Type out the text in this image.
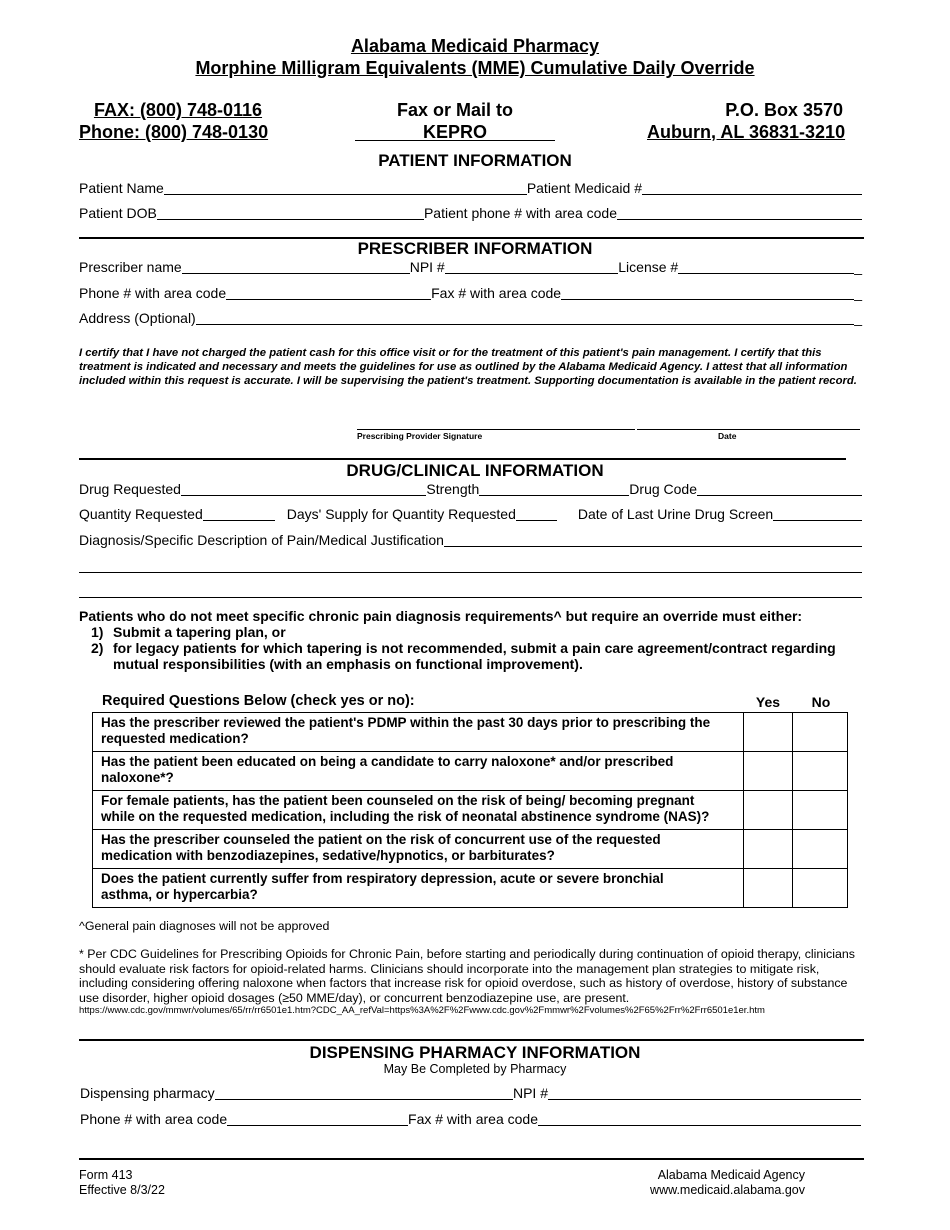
Alabama Medicaid Pharmacy
Morphine Milligram Equivalents (MME) Cumulative Daily Override
FAX: (800) 748-0116
Phone: (800) 748-0130
Fax or Mail to
KEPRO
P.O. Box 3570
Auburn, AL 36831-3210
PATIENT INFORMATION
Patient Name	Patient Medicaid #
Patient DOB	Patient phone # with area code
PRESCRIBER INFORMATION
Prescriber name	NPI #	License #	_
Phone # with area code	Fax # with area code	_
Address (Optional)	_
I certify that I have not charged the patient cash for this office visit or for the treatment of this patient's pain management. I certify that this treatment is indicated and necessary and meets the guidelines for use as outlined by the Alabama Medicaid Agency. I attest that all information included within this request is accurate. I will be supervising the patient's treatment. Supporting documentation is available in the patient record.
Prescribing Provider Signature	Date
DRUG/CLINICAL INFORMATION
Drug Requested	Strength	Drug Code
Quantity Requested	Days' Supply for Quantity Requested	Date of Last Urine Drug Screen
Diagnosis/Specific Description of Pain/Medical Justification
Patients who do not meet specific chronic pain diagnosis requirements^ but require an override must either:
1) Submit a tapering plan, or
2) for legacy patients for which tapering is not recommended, submit a pain care agreement/contract regarding
mutual responsibilities (with an emphasis on functional improvement).
Required Questions Below (check yes or no):	Yes	No
Has the prescriber reviewed the patient's PDMP within the past 30 days prior to prescribing the
requested medication?		
Has the patient been educated on being a candidate to carry naloxone* and/or prescribed
naloxone*?		
For female patients, has the patient been counseled on the risk of being/ becoming pregnant
while on the requested medication, including the risk of neonatal abstinence syndrome (NAS)?		
Has the prescriber counseled the patient on the risk of concurrent use of the requested
medication with benzodiazepines, sedative/hypnotics, or barbiturates?		
Does the patient currently suffer from respiratory depression, acute or severe bronchial
asthma, or hypercarbia?		
^General pain diagnoses will not be approved
* Per CDC Guidelines for Prescribing Opioids for Chronic Pain, before starting and periodically during continuation of opioid therapy, clinicians should evaluate risk factors for opioid-related harms. Clinicians should incorporate into the management plan strategies to mitigate risk, including considering offering naloxone when factors that increase risk for opioid overdose, such as history of overdose, history of substance use disorder, higher opioid dosages (≥50 MME/day), or concurrent benzodiazepine use, are present.
https://www.cdc.gov/mmwr/volumes/65/rr/rr6501e1.htm?CDC_AA_refVal=https%3A%2F%2Fwww.cdc.gov%2Fmmwr%2Fvolumes%2F65%2Frr%2Frr6501e1er.htm
DISPENSING PHARMACY INFORMATION
May Be Completed by Pharmacy
Dispensing pharmacy	NPI #
Phone # with area code	Fax # with area code
Form 413
Effective 8/3/22
Alabama Medicaid Agency
www.medicaid.alabama.gov
